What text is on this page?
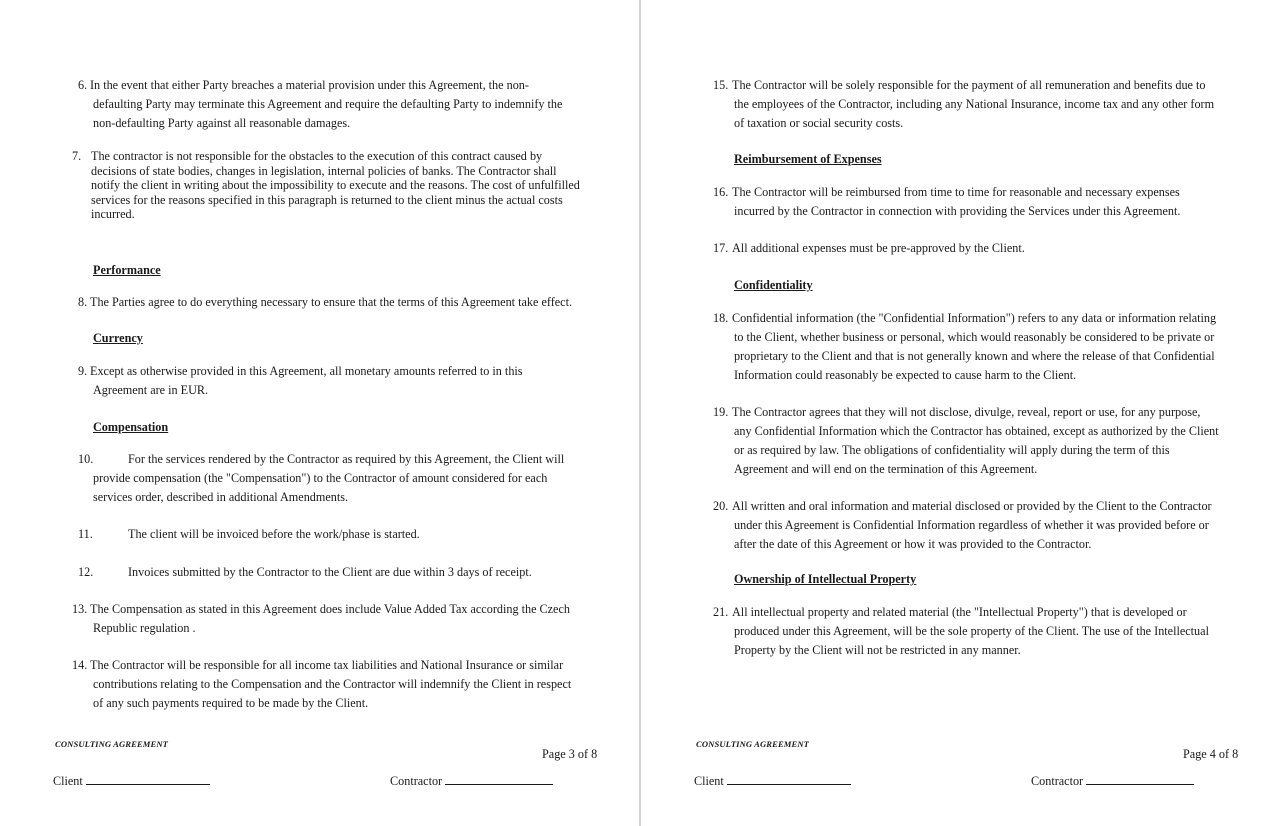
6. In the event that either Party breaches a material provision under this Agreement, the non-

defaulting Party may terminate this Agreement and require the defaulting Party to indemnify the

non-defaulting Party against all reasonable damages.

7. The contractor is not responsible for the obstacles to the execution of this contract caused by

decisions of state bodies, changes in legislation, internal policies of banks. The Contractor shall

notify the client in writing about the impossibility to execute and the reasons. The cost of unfulfilled

services for the reasons specified in this paragraph is returned to the client minus the actual costs

incurred.

Performance
8. The Parties agree to do everything necessary to ensure that the terms of this Agreement take effect.

Currency
9. Except as otherwise provided in this Agreement, all monetary amounts referred to in this

Agreement are in EUR.

Compensation
10.	For the services rendered by the Contractor as required by this Agreement, the Client will

provide compensation (the "Compensation") to the Contractor of amount considered for each

services order, described in additional Amendments.

11.	The client will be invoiced before the work/phase is started.

12.	Invoices submitted by the Contractor to the Client are due within 3 days of receipt.

13. The Compensation as stated in this Agreement does include Value Added Tax according the Czech

Republic regulation .

14. The Contractor will be responsible for all income tax liabilities and National Insurance or similar

contributions relating to the Compensation and the Contractor will indemnify the Client in respect

of any such payments required to be made by the Client.

CONSULTING AGREEMENT
Page 3 of 8
Client	Contractor
15. The Contractor will be solely responsible for the payment of all remuneration and benefits due to

the employees of the Contractor, including any National Insurance, income tax and any other form

of taxation or social security costs.

Reimbursement of Expenses
16. The Contractor will be reimbursed from time to time for reasonable and necessary expenses

incurred by the Contractor in connection with providing the Services under this Agreement.

17. All additional expenses must be pre-approved by the Client.

Confidentiality
18. Confidential information (the "Confidential Information") refers to any data or information relating

to the Client, whether business or personal, which would reasonably be considered to be private or

proprietary to the Client and that is not generally known and where the release of that Confidential

Information could reasonably be expected to cause harm to the Client.

19. The Contractor agrees that they will not disclose, divulge, reveal, report or use, for any purpose,

any Confidential Information which the Contractor has obtained, except as authorized by the Client

or as required by law. The obligations of confidentiality will apply during the term of this

Agreement and will end on the termination of this Agreement.

20. All written and oral information and material disclosed or provided by the Client to the Contractor

under this Agreement is Confidential Information regardless of whether it was provided before or

after the date of this Agreement or how it was provided to the Contractor.

Ownership of Intellectual Property
21. All intellectual property and related material (the "Intellectual Property") that is developed or

produced under this Agreement, will be the sole property of the Client. The use of the Intellectual

Property by the Client will not be restricted in any manner.

CONSULTING AGREEMENT
Page 4 of 8
Client	Contractor
